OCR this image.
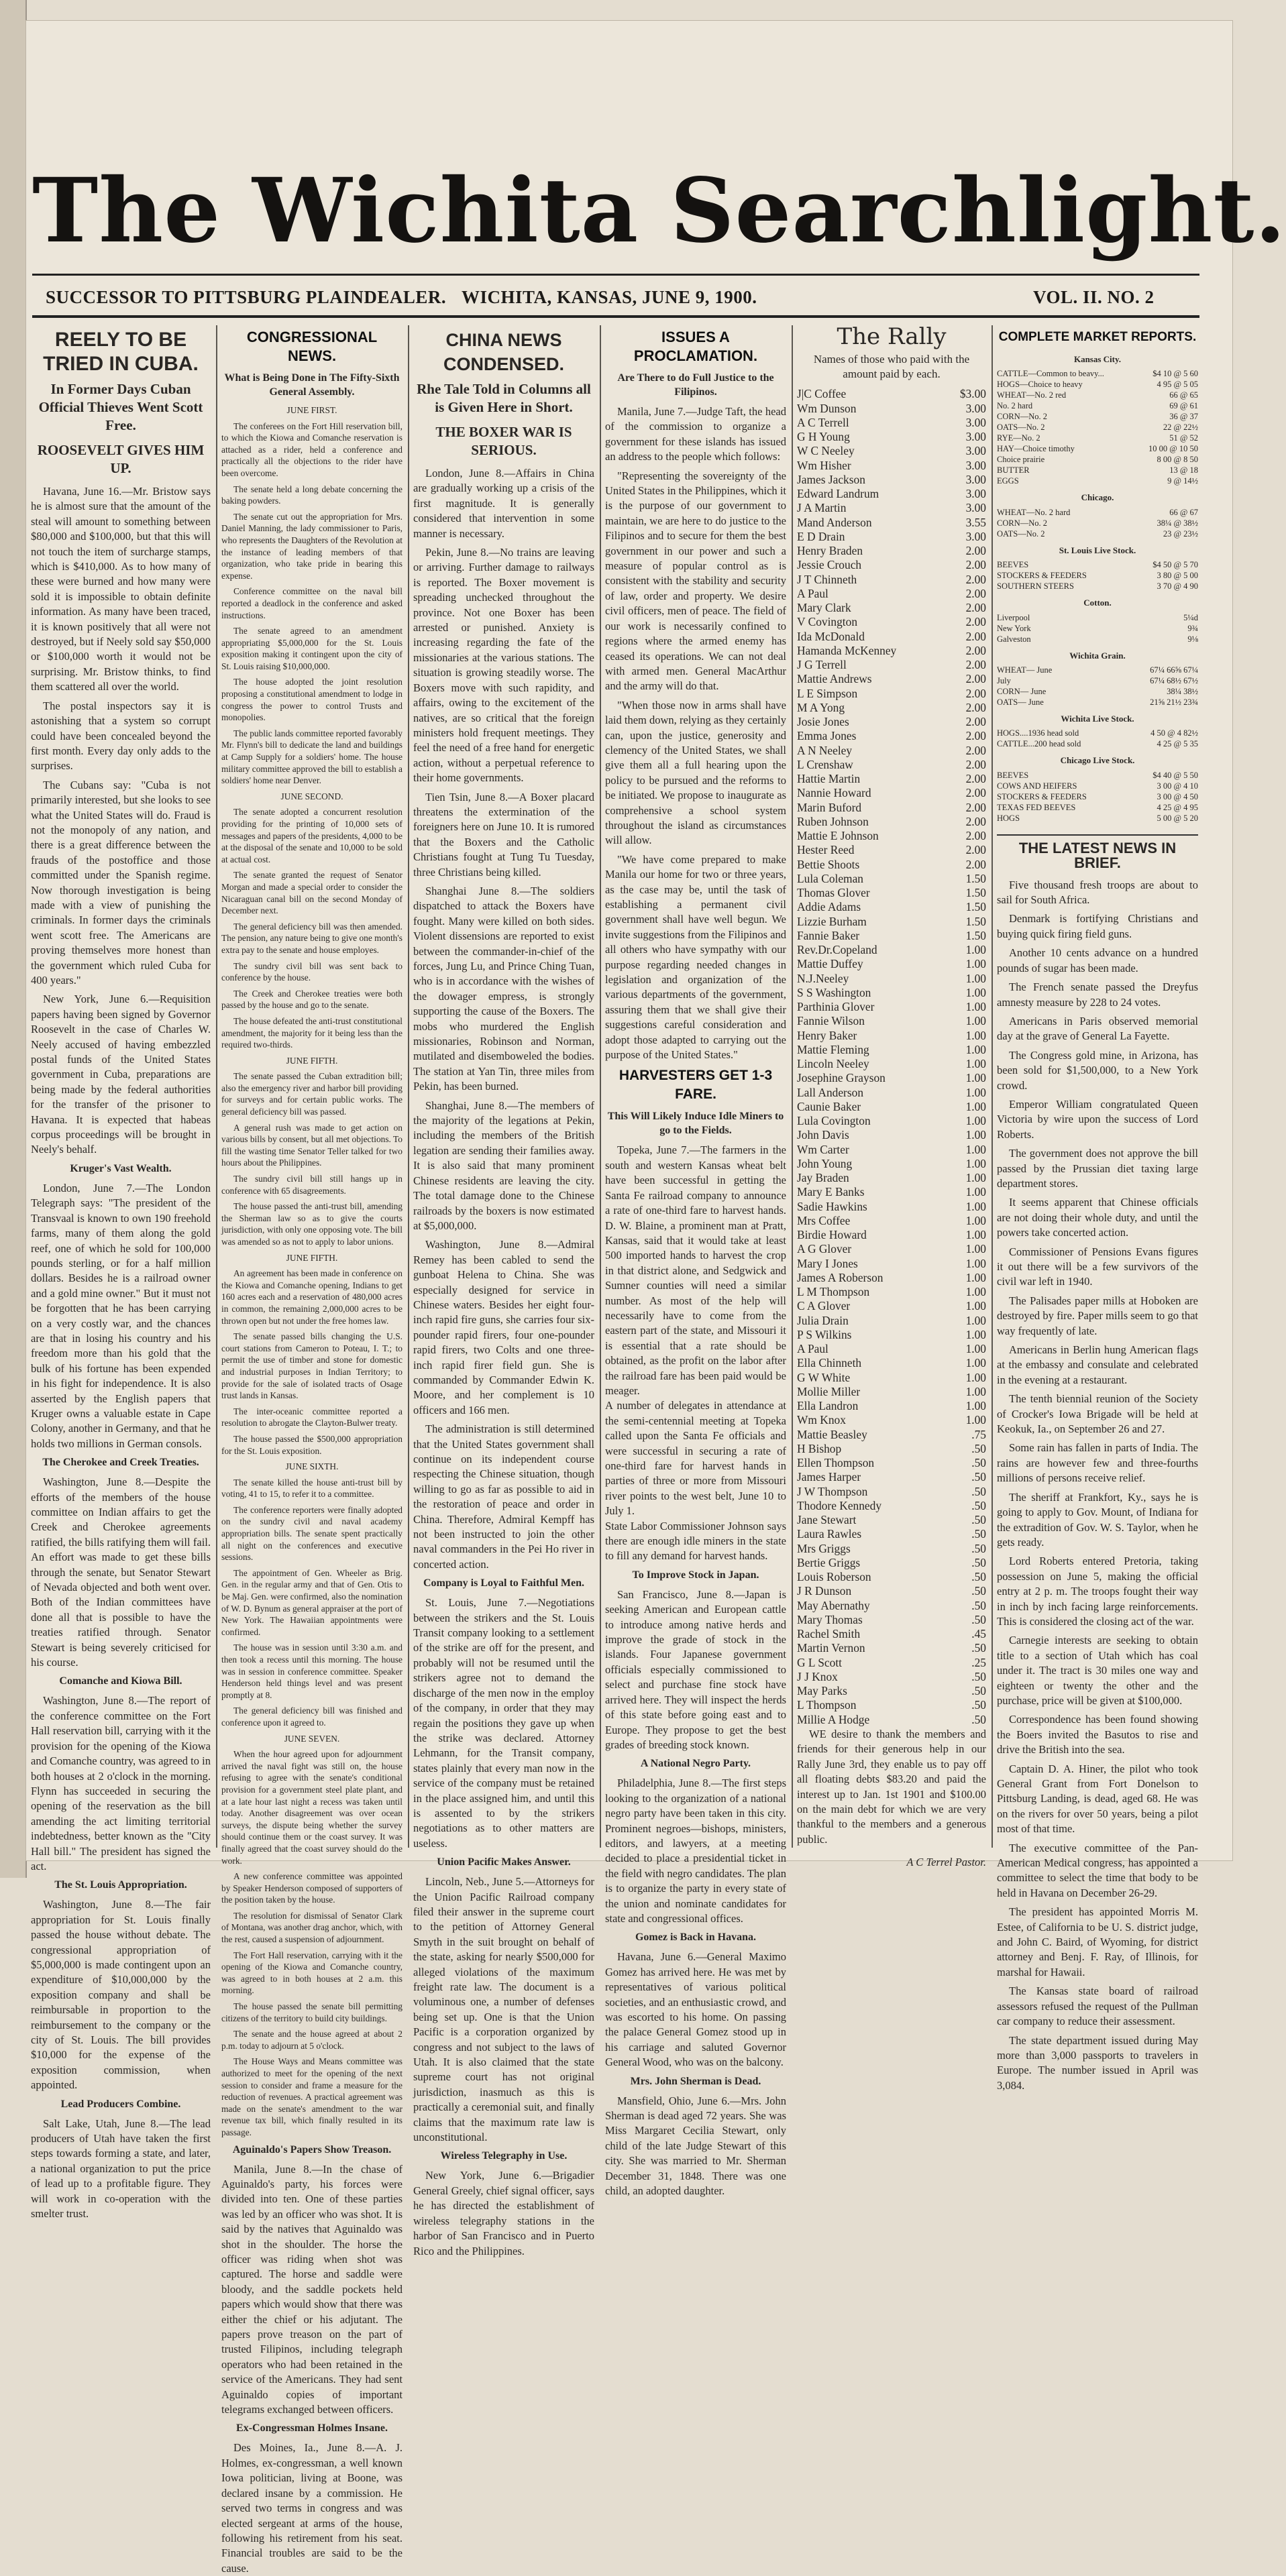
The Wichita Searchlight.
SUCCESSOR TO PITTSBURG PLAINDEALER. WICHITA, KANSAS, JUNE 9, 1900.	VOL. II. NO. 2
REELY TO BE TRIED IN CUBA.
In Former Days Cuban Official Thieves Went Scott Free.
ROOSEVELT GIVES HIM UP.

Havana, June 16.—Mr. Bristow says he is almost sure that the amount of the steal will amount to something between $80,000 and $100,000, but that this will not touch the item of surcharge stamps, which is $410,000. As to how many of these were burned and how many were sold it is impossible to obtain definite information. As many have been traced, it is known positively that all were not destroyed, but if Neely sold say $50,000 or $100,000 worth it would not be surprising. Mr. Bristow thinks, to find them scattered all over the world.

The postal inspectors say it is astonishing that a system so corrupt could have been concealed beyond the first month. Every day only adds to the surprises.

The Cubans say: "Cuba is not primarily interested, but she looks to see what the United States will do. Fraud is not the monopoly of any nation, and there is a great difference between the frauds of the postoffice and those committed under the Spanish regime. Now thorough investigation is being made with a view of punishing the criminals. In former days the criminals went scott free. The Americans are proving themselves more honest than the government which ruled Cuba for 400 years."

New York, June 6.—Requisition papers having been signed by Governor Roosevelt in the case of Charles W. Neely accused of having embezzled postal funds of the United States government in Cuba, preparations are being made by the federal authorities for the transfer of the prisoner to Havana. It is expected that habeas corpus proceedings will be brought in Neely's behalf.

Kruger's Vast Wealth.

London, June 7.—The London Telegraph says: "The president of the Transvaal is known to own 190 freehold farms, many of them along the gold reef, one of which he sold for 100,000 pounds sterling, or for a half million dollars. Besides he is a railroad owner and a gold mine owner." But it must not be forgotten that he has been carrying on a very costly war, and the chances are that in losing his country and his freedom more than his gold that the bulk of his fortune has been expended in his fight for independence. It is also asserted by the English papers that Kruger owns a valuable estate in Cape Colony, another in Germany, and that he holds two millions in German consols.

The Cherokee and Creek Treaties.

Washington, June 8.—Despite the efforts of the members of the house committee on Indian affairs to get the Creek and Cherokee agreements ratified, the bills ratifying them will fail. An effort was made to get these bills through the senate, but Senator Stewart of Nevada objected and both went over. Both of the Indian committees have done all that is possible to have the treaties ratified through. Senator Stewart is being severely criticised for his course.

Comanche and Kiowa Bill.

Washington, June 8.—The report of the conference committee on the Fort Hall reservation bill, carrying with it the provision for the opening of the Kiowa and Comanche country, was agreed to in both houses at 2 o'clock in the morning. Flynn has succeeded in securing the opening of the reservation as the bill amending the act limiting territorial indebtedness, better known as the "City Hall bill." The president has signed the act.

The St. Louis Appropriation.

Washington, June 8.—The fair appropriation for St. Louis finally passed the house without debate. The congressional appropriation of $5,000,000 is made contingent upon an expenditure of $10,000,000 by the exposition company and shall be reimbursable in proportion to the reimbursement to the company or the city of St. Louis. The bill provides $10,000 for the expense of the exposition commission, when appointed.

Lead Producers Combine.

Salt Lake, Utah, June 8.—The lead producers of Utah have taken the first steps towards forming a state, and later, a national organization to put the price of lead up to a profitable figure. They will work in co-operation with the smelter trust.

CONGRESSIONAL NEWS.
What is Being Done in The Fifty-Sixth General Assembly.

JUNE FIRST.

The conferees on the Fort Hill reservation bill, to which the Kiowa and Comanche reservation is attached as a rider, held a conference and practically all the objections to the rider have been overcome.

The senate held a long debate concerning the baking powders.

The senate cut out the appropriation for Mrs. Daniel Manning, the lady commissioner to Paris, who represents the Daughters of the Revolution at the instance of leading members of that organization, who take pride in bearing this expense.

Conference committee on the naval bill reported a deadlock in the conference and asked instructions.

The senate agreed to an amendment appropriating $5,000,000 for the St. Louis exposition making it contingent upon the city of St. Louis raising $10,000,000.

The house adopted the joint resolution proposing a constitutional amendment to lodge in congress the power to control Trusts and monopolies.

The public lands committee reported favorably Mr. Flynn's bill to dedicate the land and buildings at Camp Supply for a soldiers' home. The house military committee approved the bill to establish a soldiers' home near Denver.

JUNE SECOND.

The senate adopted a concurrent resolution providing for the printing of 10,000 sets of messages and papers of the presidents, 4,000 to be at the disposal of the senate and 10,000 to be sold at actual cost.

The senate granted the request of Senator Morgan and made a special order to consider the Nicaraguan canal bill on the second Monday of December next.

The general deficiency bill was then amended. The pension, any nature being to give one month's extra pay to the senate and house employes.

The sundry civil bill was sent back to conference by the house.

The Creek and Cherokee treaties were both passed by the house and go to the senate.

The house defeated the anti-trust constitutional amendment, the majority for it being less than the required two-thirds.

JUNE FIFTH.

The senate passed the Cuban extradition bill; also the emergency river and harbor bill providing for surveys and for certain public works. The general deficiency bill was passed.

A general rush was made to get action on various bills by consent, but all met objections. To fill the wasting time Senator Teller talked for two hours about the Philippines.

The sundry civil bill still hangs up in conference with 65 disagreements.

The house passed the anti-trust bill, amending the Sherman law so as to give the courts jurisdiction, with only one opposing vote. The bill was amended so as not to apply to labor unions.

JUNE FIFTH.

An agreement has been made in conference on the Kiowa and Comanche opening, Indians to get 160 acres each and a reservation of 480,000 acres in common, the remaining 2,000,000 acres to be thrown open but not under the free homes law.

The senate passed bills changing the U.S. court stations from Cameron to Poteau, I. T.; to permit the use of timber and stone for domestic and industrial purposes in Indian Territory; to provide for the sale of isolated tracts of Osage trust lands in Kansas.

The inter-oceanic committee reported a resolution to abrogate the Clayton-Bulwer treaty.

The house passed the $500,000 appropriation for the St. Louis exposition.

JUNE SIXTH.

The senate killed the house anti-trust bill by voting, 41 to 15, to refer it to a committee.

The conference reporters were finally adopted on the sundry civil and naval academy appropriation bills. The senate spent practically all night on the conferences and executive sessions.

The appointment of Gen. Wheeler as Brig. Gen. in the regular army and that of Gen. Otis to be Maj. Gen. were confirmed, also the nomination of W. D. Bynum as general appraiser at the port of New York. The Hawaiian appointments were confirmed.

The house was in session until 3:30 a.m. and then took a recess until this morning. The house was in session in conference committee. Speaker Henderson held things level and was present promptly at 8.

The general deficiency bill was finished and conference upon it agreed to.

JUNE SEVEN.

When the hour agreed upon for adjournment arrived the naval fight was still on, the house refusing to agree with the senate's conditional provision for a government steel plate plant, and at a late hour last night a recess was taken until today. Another disagreement was over ocean surveys, the dispute being whether the survey should continue them or the coast survey. It was finally agreed that the coast survey should do the work.

A new conference committee was appointed by Speaker Henderson composed of supporters of the position taken by the house.

The resolution for dismissal of Senator Clark of Montana, was another drag anchor, which, with the rest, caused a suspension of adjournment.

The Fort Hall reservation, carrying with it the opening of the Kiowa and Comanche country, was agreed to in both houses at 2 a.m. this morning.

The house passed the senate bill permitting citizens of the territory to build city buildings.

The senate and the house agreed at about 2 p.m. today to adjourn at 5 o'clock.

The House Ways and Means committee was authorized to meet for the opening of the next session to consider and frame a measure for the reduction of revenues. A practical agreement was made on the senate's amendment to the war revenue tax bill, which finally resulted in its passage.

Aguinaldo's Papers Show Treason.

Manila, June 8.—In the chase of Aguinaldo's party, his forces were divided into ten. One of these parties was led by an officer who was shot. It is said by the natives that Aguinaldo was shot in the shoulder. The horse the officer was riding when shot was captured. The horse and saddle were bloody, and the saddle pockets held papers which would show that there was either the chief or his adjutant. The papers prove treason on the part of trusted Filipinos, including telegraph operators who had been retained in the service of the Americans. They had sent Aguinaldo copies of important telegrams exchanged between officers.

Ex-Congressman Holmes Insane.

Des Moines, Ia., June 8.—A. J. Holmes, ex-congressman, a well known Iowa politician, living at Boone, was declared insane by a commission. He served two terms in congress and was elected sergeant at arms of the house, following his retirement from his seat. Financial troubles are said to be the cause.

CHINA NEWS CONDENSED.
Rhe Tale Told in Columns all is Given Here in Short.
THE BOXER WAR IS SERIOUS.

London, June 8.—Affairs in China are gradually working up a crisis of the first magnitude. It is generally considered that intervention in some manner is necessary.

Pekin, June 8.—No trains are leaving or arriving. Further damage to railways is reported. The Boxer movement is spreading unchecked throughout the province. Not one Boxer has been arrested or punished. Anxiety is increasing regarding the fate of the missionaries at the various stations. The situation is growing steadily worse. The Boxers move with such rapidity, and affairs, owing to the excitement of the natives, are so critical that the foreign ministers hold frequent meetings. They feel the need of a free hand for energetic action, without a perpetual reference to their home governments.

Tien Tsin, June 8.—A Boxer placard threatens the extermination of the foreigners here on June 10. It is rumored that the Boxers and the Catholic Christians fought at Tung Tu Tuesday, three Christians being killed.

Shanghai June 8.—The soldiers dispatched to attack the Boxers have fought. Many were killed on both sides. Violent dissensions are reported to exist between the commander-in-chief of the forces, Jung Lu, and Prince Ching Tuan, who is in accordance with the wishes of the dowager empress, is strongly supporting the cause of the Boxers. The mobs who murdered the English missionaries, Robinson and Norman, mutilated and disemboweled the bodies. The station at Yan Tin, three miles from Pekin, has been burned.

Shanghai, June 8.—The members of the majority of the legations at Pekin, including the members of the British legation are sending their families away. It is also said that many prominent Chinese residents are leaving the city. The total damage done to the Chinese railroads by the boxers is now estimated at $5,000,000.

Washington, June 8.—Admiral Remey has been cabled to send the gunboat Helena to China. She was especially designed for service in Chinese waters. Besides her eight four-inch rapid fire guns, she carries four six-pounder rapid firers, four one-pounder rapid firers, two Colts and one three-inch rapid firer field gun. She is commanded by Commander Edwin K. Moore, and her complement is 10 officers and 166 men.

The administration is still determined that the United States government shall continue on its independent course respecting the Chinese situation, though willing to go as far as possible to aid in the restoration of peace and order in China. Therefore, Admiral Kempff has not been instructed to join the other naval commanders in the Pei Ho river in concerted action.

Company is Loyal to Faithful Men.

St. Louis, June 7.—Negotiations between the strikers and the St. Louis Transit company looking to a settlement of the strike are off for the present, and probably will not be resumed until the strikers agree not to demand the discharge of the men now in the employ of the company, in order that they may regain the positions they gave up when the strike was declared. Attorney Lehmann, for the Transit company, states plainly that every man now in the service of the company must be retained in the place assigned him, and until this is assented to by the strikers negotiations as to other matters are useless.

Union Pacific Makes Answer.

Lincoln, Neb., June 5.—Attorneys for the Union Pacific Railroad company filed their answer in the supreme court to the petition of Attorney General Smyth in the suit brought on behalf of the state, asking for nearly $500,000 for alleged violations of the maximum freight rate law. The document is a voluminous one, a number of defenses being set up. One is that the Union Pacific is a corporation organized by congress and not subject to the laws of Utah. It is also claimed that the state supreme court has not original jurisdiction, inasmuch as this is practically a ceremonial suit, and finally claims that the maximum rate law is unconstitutional.

Wireless Telegraphy in Use.

New York, June 6.—Brigadier General Greely, chief signal officer, says he has directed the establishment of wireless telegraphy stations in the harbor of San Francisco and in Puerto Rico and the Philippines.

ISSUES A PROCLAMATION.
Are There to do Full Justice to the Filipinos.

Manila, June 7.—Judge Taft, the head of the commission to organize a government for these islands has issued an address to the people which follows:

"Representing the sovereignty of the United States in the Philippines, which it is the purpose of our government to maintain, we are here to do justice to the Filipinos and to secure for them the best government in our power and such a measure of popular control as is consistent with the stability and security of law, order and property. We desire civil officers, men of peace. The field of our work is necessarily confined to regions where the armed enemy has ceased its operations. We can not deal with armed men. General MacArthur and the army will do that.

"When those now in arms shall have laid them down, relying as they certainly can, upon the justice, generosity and clemency of the United States, we shall give them all a full hearing upon the policy to be pursued and the reforms to be initiated. We propose to inaugurate as comprehensive a school system throughout the island as circumstances will allow.

"We have come prepared to make Manila our home for two or three years, as the case may be, until the task of establishing a permanent civil government shall have well begun. We invite suggestions from the Filipinos and all others who have sympathy with our purpose regarding needed changes in legislation and organization of the various departments of the government, assuring them that we shall give their suggestions careful consideration and adopt those adapted to carrying out the purpose of the United States."

HARVESTERS GET 1-3 FARE.
This Will Likely Induce Idle Miners to go to the Fields.

Topeka, June 7.—The farmers in the south and western Kansas wheat belt have been successful in getting the Santa Fe railroad company to announce a rate of one-third fare to harvest hands. D. W. Blaine, a prominent man at Pratt, Kansas, said that it would take at least 500 imported hands to harvest the crop in that district alone, and Sedgwick and Sumner counties will need a similar number. As most of the help will necessarily have to come from the eastern part of the state, and Missouri it is essential that a rate should be obtained, as the profit on the labor after the railroad fare has been paid would be meager.
A number of delegates in attendance at the semi-centennial meeting at Topeka called upon the Santa Fe officials and were successful in securing a rate of one-third fare for harvest hands in parties of three or more from Missouri river points to the west belt, June 10 to July 1.
State Labor Commissioner Johnson says there are enough idle miners in the state to fill any demand for harvest hands.

To Improve Stock in Japan.

San Francisco, June 8.—Japan is seeking American and European cattle to introduce among native herds and improve the grade of stock in the islands. Four Japanese government officials especially commissioned to select and purchase fine stock have arrived here. They will inspect the herds of this state before going east and to Europe. They propose to get the best grades of breeding stock known.

A National Negro Party.

Philadelphia, June 8.—The first steps looking to the organization of a national negro party have been taken in this city. Prominent negroes—bishops, ministers, editors, and lawyers, at a meeting decided to place a presidential ticket in the field with negro candidates. The plan is to organize the party in every state of the union and nominate candidates for state and congressional offices.

Gomez is Back in Havana.

Havana, June 6.—General Maximo Gomez has arrived here. He was met by representatives of various political societies, and an enthusiastic crowd, and was escorted to his home. On passing the palace General Gomez stood up in his carriage and saluted Governor General Wood, who was on the balcony.

Mrs. John Sherman is Dead.

Mansfield, Ohio, June 6.—Mrs. John Sherman is dead aged 72 years. She was Miss Margaret Cecilia Stewart, only child of the late Judge Stewart of this city. She was married to Mr. Sherman December 31, 1848. There was one child, an adopted daughter.

The Rally
Names of those who paid with the amount paid by each.
J|C Coffee	$3.00
Wm Dunson	3.00
A C Terrell	3.00
G H Young	3.00
W C Neeley	3.00
Wm Hisher	3.00
James Jackson	3.00
Edward Landrum	3.00
J A Martin	3.00
Mand Anderson	3.55
E D Drain	3.00
Henry Braden	2.00
Jessie Crouch	2.00
J T Chinneth	2.00
A Paul	2.00
Mary Clark	2.00
V Covington	2.00
Ida McDonald	2.00
Hamanda McKenney	2.00
J G Terrell	2.00
Mattie Andrews	2.00
L E Simpson	2.00
M A Yong	2.00
Josie Jones	2.00
Emma Jones	2.00
A N Neeley	2.00
L Crenshaw	2.00
Hattie Martin	2.00
Nannie Howard	2.00
Marin Buford	2.00
Ruben Johnson	2.00
Mattie E Johnson	2.00
Hester Reed	2.00
Bettie Shoots	2.00
Lula Coleman	1.50
Thomas Glover	1.50
Addie Adams	1.50
Lizzie Burham	1.50
Fannie Baker	1.50
Rev.Dr.Copeland	1.00
Mattie Duffey	1.00
N.J.Neeley	1.00
S S Washington	1.00
Parthinia Glover	1.00
Fannie Wilson	1.00
Henry Baker	1.00
Mattie Fleming	1.00
Lincoln Neeley	1.00
Josephine Grayson	1.00
Lall Anderson	1.00
Caunie Baker	1.00
Lula Covington	1.00
John Davis	1.00
Wm Carter	1.00
John Young	1.00
Jay Braden	1.00
Mary E Banks	1.00
Sadie Hawkins	1.00
Mrs Coffee	1.00
Birdie Howard	1.00
A G Glover	1.00
Mary I Jones	1.00
James A Roberson	1.00
L M Thompson	1.00
C A Glover	1.00
Julia Drain	1.00
P S Wilkins	1.00
A Paul	1.00
Ella Chinneth	1.00
G W White	1.00
Mollie Miller	1.00
Ella Landron	1.00
Wm Knox	1.00
Mattie Beasley	.75
H Bishop	.50
Ellen Thompson	.50
James Harper	.50
J W Thompson	.50
Thodore Kennedy	.50
Jane Stewart	.50
Laura Rawles	.50
Mrs Griggs	.50
Bertie Griggs	.50
Louis Roberson	.50
J R Dunson	.50
May Abernathy	.50
Mary Thomas	.50
Rachel Smith	.45
Martin Vernon	.50
G L Scott	.25
J J Knox	.50
May Parks	.50
L Thompson	.50
Millie A Hodge	.50

WE desire to thank the members and friends for their generous help in our Rally June 3rd, they enable us to pay off all floating debts $83.20 and paid the interest up to Jan. 1st 1901 and $100.00 on the main debt for which we are very thankful to the members and a generous public.

A C Terrel Pastor.
COMPLETE MARKET REPORTS.
Kansas City.
CATTLE—Common to beavy...	$4 10 @ 5 60
HOGS—Choice to heavy	4 95 @ 5 05
WHEAT—No. 2 red	66 @ 65
No. 2 hard	69 @ 61
CORN—No. 2	36 @ 37
OATS—No. 2	22 @ 22½
RYE—No. 2	51 @ 52
HAY—Choice timothy	10 00 @ 10 50
Choice prairie	8 00 @ 8 50
BUTTER	13 @ 18
EGGS	9 @ 14½
Chicago.
WHEAT—No. 2 hard	66 @ 67
CORN—No. 2	38¼ @ 38½
OATS—No. 2	23 @ 23½
St. Louis Live Stock.
BEEVES	$4 50 @ 5 70
STOCKERS & FEEDERS	3 80 @ 5 00
SOUTHERN STEERS	3 70 @ 4 90
Cotton.
Liverpool	5¼d
New York	9¾
Galveston	9⅛
Wichita Grain.
WHEAT— June	67¼ 66⅝ 67¼
July	67¼ 68½ 67½
CORN— June	38¼ 38½
OATS— June	21⅝ 21½ 23¾
Wichita Live Stock.
HOGS....1936 head sold	4 50 @ 4 82½
CATTLE...200 head sold	4 25 @ 5 35
Chicago Live Stock.
BEEVES	$4 40 @ 5 50
COWS AND HEIFERS	3 00 @ 4 10
STOCKERS & FEEDERS	3 00 @ 4 50
TEXAS FED BEEVES	4 25 @ 4 95
HOGS	5 00 @ 5 20
THE LATEST NEWS IN BRIEF.

Five thousand fresh troops are about to sail for South Africa.

Denmark is fortifying Christians and buying quick firing field guns.

Another 10 cents advance on a hundred pounds of sugar has been made.

The French senate passed the Dreyfus amnesty measure by 228 to 24 votes.

Americans in Paris observed memorial day at the grave of General La Fayette.

The Congress gold mine, in Arizona, has been sold for $1,500,000, to a New York crowd.

Emperor William congratulated Queen Victoria by wire upon the success of Lord Roberts.

The government does not approve the bill passed by the Prussian diet taxing large department stores.

It seems apparent that Chinese officials are not doing their whole duty, and until the powers take concerted action.

Commissioner of Pensions Evans figures it out there will be a few survivors of the civil war left in 1940.

The Palisades paper mills at Hoboken are destroyed by fire. Paper mills seem to go that way frequently of late.

Americans in Berlin hung American flags at the embassy and consulate and celebrated in the evening at a restaurant.

The tenth biennial reunion of the Society of Crocker's Iowa Brigade will be held at Keokuk, Ia., on September 26 and 27.

Some rain has fallen in parts of India. The rains are however few and three-fourths millions of persons receive relief.

The sheriff at Frankfort, Ky., says he is going to apply to Gov. Mount, of Indiana for the extradition of Gov. W. S. Taylor, when he gets ready.

Lord Roberts entered Pretoria, taking possession on June 5, making the official entry at 2 p. m. The troops fought their way in inch by inch facing large reinforcements. This is considered the closing act of the war.

Carnegie interests are seeking to obtain title to a section of Utah which has coal under it. The tract is 30 miles one way and eighteen or twenty the other and the purchase, price will be given at $100,000.

Correspondence has been found showing the Boers invited the Basutos to rise and drive the British into the sea.

Captain D. A. Hiner, the pilot who took General Grant from Fort Donelson to Pittsburg Landing, is dead, aged 68. He was on the rivers for over 50 years, being a pilot most of that time.

The executive committee of the Pan-American Medical congress, has appointed a committee to select the time that body to be held in Havana on December 26-29.

The president has appointed Morris M. Estee, of California to be U. S. district judge, and John C. Baird, of Wyoming, for district attorney and Benj. F. Ray, of Illinois, for marshal for Hawaii.

The Kansas state board of railroad assessors refused the request of the Pullman car company to reduce their assessment.

The state department issued during May more than 3,000 passports to travelers in Europe. The number issued in April was 3,084.
